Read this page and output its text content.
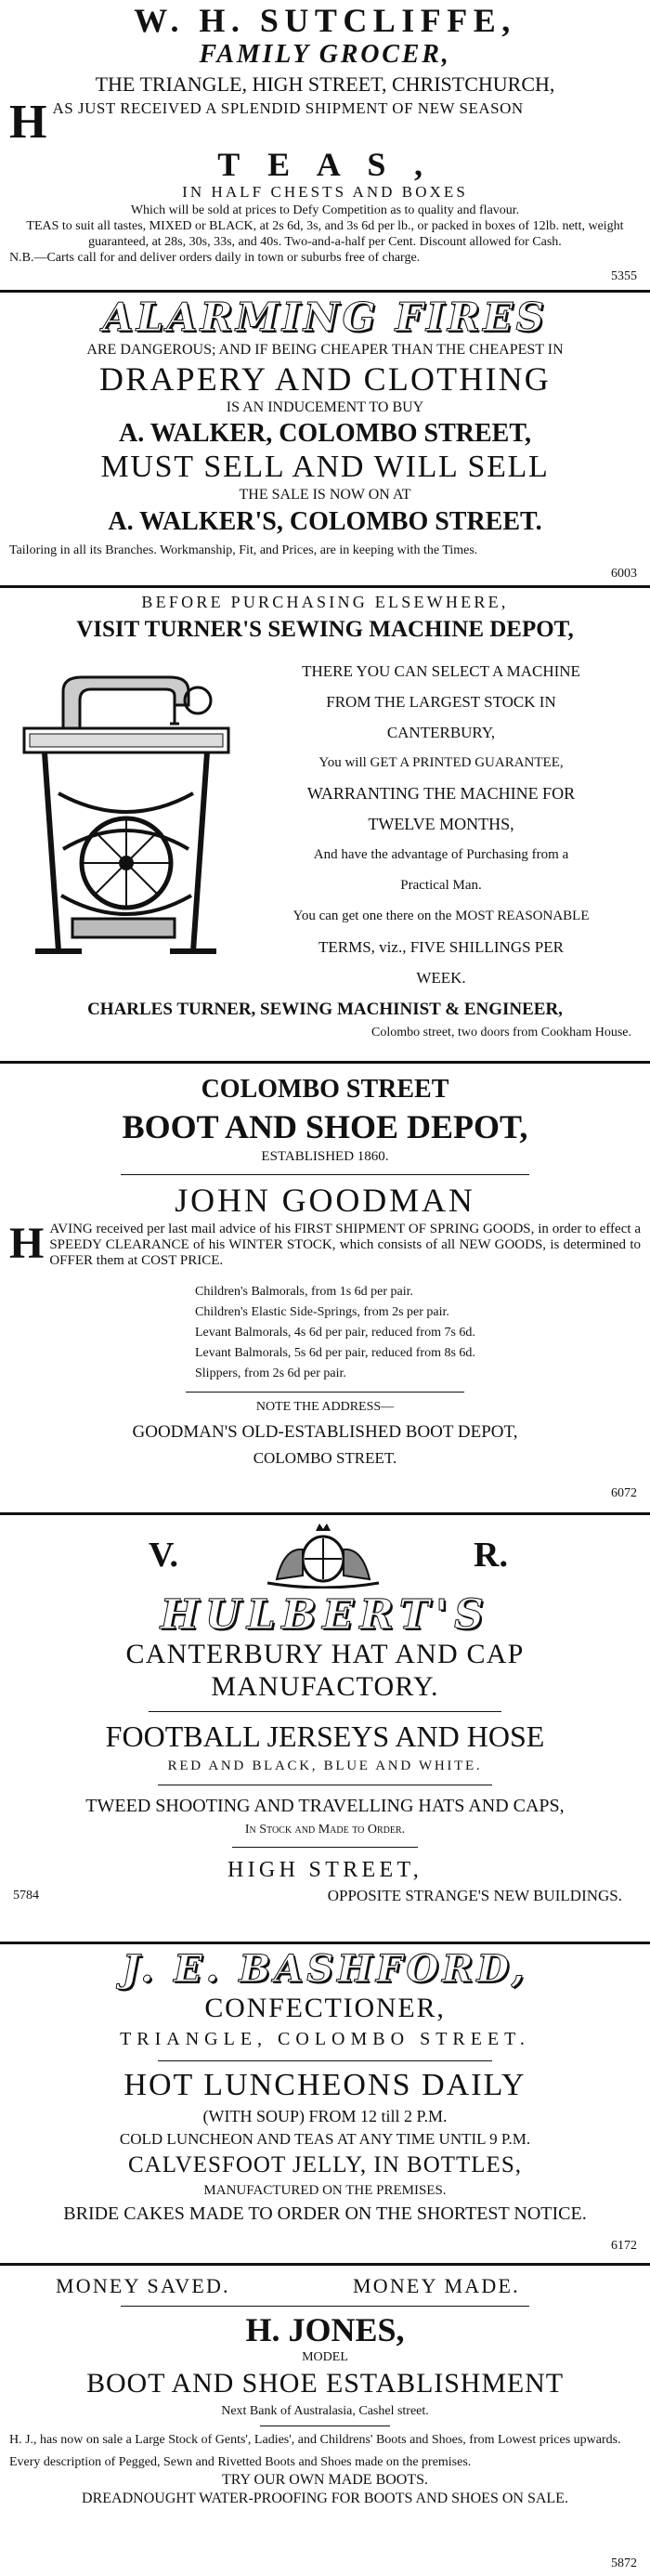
W. H. SUTCLIFFE,
FAMILY GROCER,
THE TRIANGLE, HIGH STREET, CHRISTCHURCH,
H AS JUST RECEIVED A SPLENDID SHIPMENT OF NEW SEASON
T E A S ,
IN HALF CHESTS AND BOXES
Which will be sold at prices to Defy Competition as to quality and flavour.
TEAS to suit all tastes, MIXED or BLACK, at 2s 6d, 3s, and 3s 6d per lb., or packed in boxes of 12lb. nett, weight guaranteed, at 28s, 30s, 33s, and 40s. Two-and-a-half per Cent. Discount allowed for Cash.
N.B.—Carts call for and deliver orders daily in town or suburbs free of charge.
5355
ALARMING FIRES
ARE DANGEROUS; AND IF BEING CHEAPER THAN THE CHEAPEST IN
DRAPERY AND CLOTHING
IS AN INDUCEMENT TO BUY
A. WALKER, COLOMBO STREET,
MUST SELL AND WILL SELL
THE SALE IS NOW ON AT
A. WALKER'S, COLOMBO STREET.
Tailoring in all its Branches. Workmanship, Fit, and Prices, are in keeping with the Times.
6003
BEFORE PURCHASING ELSEWHERE,
VISIT TURNER'S SEWING MACHINE DEPOT,
THERE YOU CAN SELECT A MACHINE
FROM THE LARGEST STOCK IN
CANTERBURY,
You will GET A PRINTED GUARANTEE,
WARRANTING THE MACHINE FOR
TWELVE MONTHS,
And have the advantage of Purchasing from a
Practical Man.
You can get one there on the MOST REASONABLE
TERMS, viz., FIVE SHILLINGS PER
WEEK.
CHARLES TURNER, SEWING MACHINIST & ENGINEER,
Colombo street, two doors from Cookham House.
COLOMBO STREET
BOOT AND SHOE DEPOT,
ESTABLISHED 1860.
JOHN GOODMAN
H AVING received per last mail advice of his FIRST SHIPMENT OF SPRING GOODS, in order to effect a SPEEDY CLEARANCE of his WINTER STOCK, which consists of all NEW GOODS, is determined to OFFER them at COST PRICE.
Children's Balmorals, from 1s 6d per pair.
Children's Elastic Side-Springs, from 2s per pair.
Levant Balmorals, 4s 6d per pair, reduced from 7s 6d.
Levant Balmorals, 5s 6d per pair, reduced from 8s 6d.
Slippers, from 2s 6d per pair.
NOTE THE ADDRESS—
GOODMAN'S OLD-ESTABLISHED BOOT DEPOT,
COLOMBO STREET.
6072
V.	R.
HULBERT'S
CANTERBURY HAT AND CAP
MANUFACTORY.
FOOTBALL JERSEYS AND HOSE
RED AND BLACK, BLUE AND WHITE.
TWEED SHOOTING AND TRAVELLING HATS AND CAPS,
In Stock and Made to Order.
HIGH STREET,
5784	OPPOSITE STRANGE'S NEW BUILDINGS.
J. E. BASHFORD,
CONFECTIONER,
TRIANGLE, COLOMBO STREET.
HOT LUNCHEONS DAILY
(WITH SOUP) FROM 12 till 2 P.M.
COLD LUNCHEON AND TEAS AT ANY TIME UNTIL 9 P.M.
CALVESFOOT JELLY, IN BOTTLES,
MANUFACTURED ON THE PREMISES.
BRIDE CAKES MADE TO ORDER ON THE SHORTEST NOTICE.
6172
MONEY SAVED.	MONEY MADE.
H. JONES,
MODEL
BOOT AND SHOE ESTABLISHMENT
Next Bank of Australasia, Cashel street.
H. J., has now on sale a Large Stock of Gents', Ladies', and Childrens' Boots and Shoes, from Lowest prices upwards.
Every description of Pegged, Sewn and Rivetted Boots and Shoes made on the premises.
TRY OUR OWN MADE BOOTS.
DREADNOUGHT WATER-PROOFING FOR BOOTS AND SHOES ON SALE.
5872
